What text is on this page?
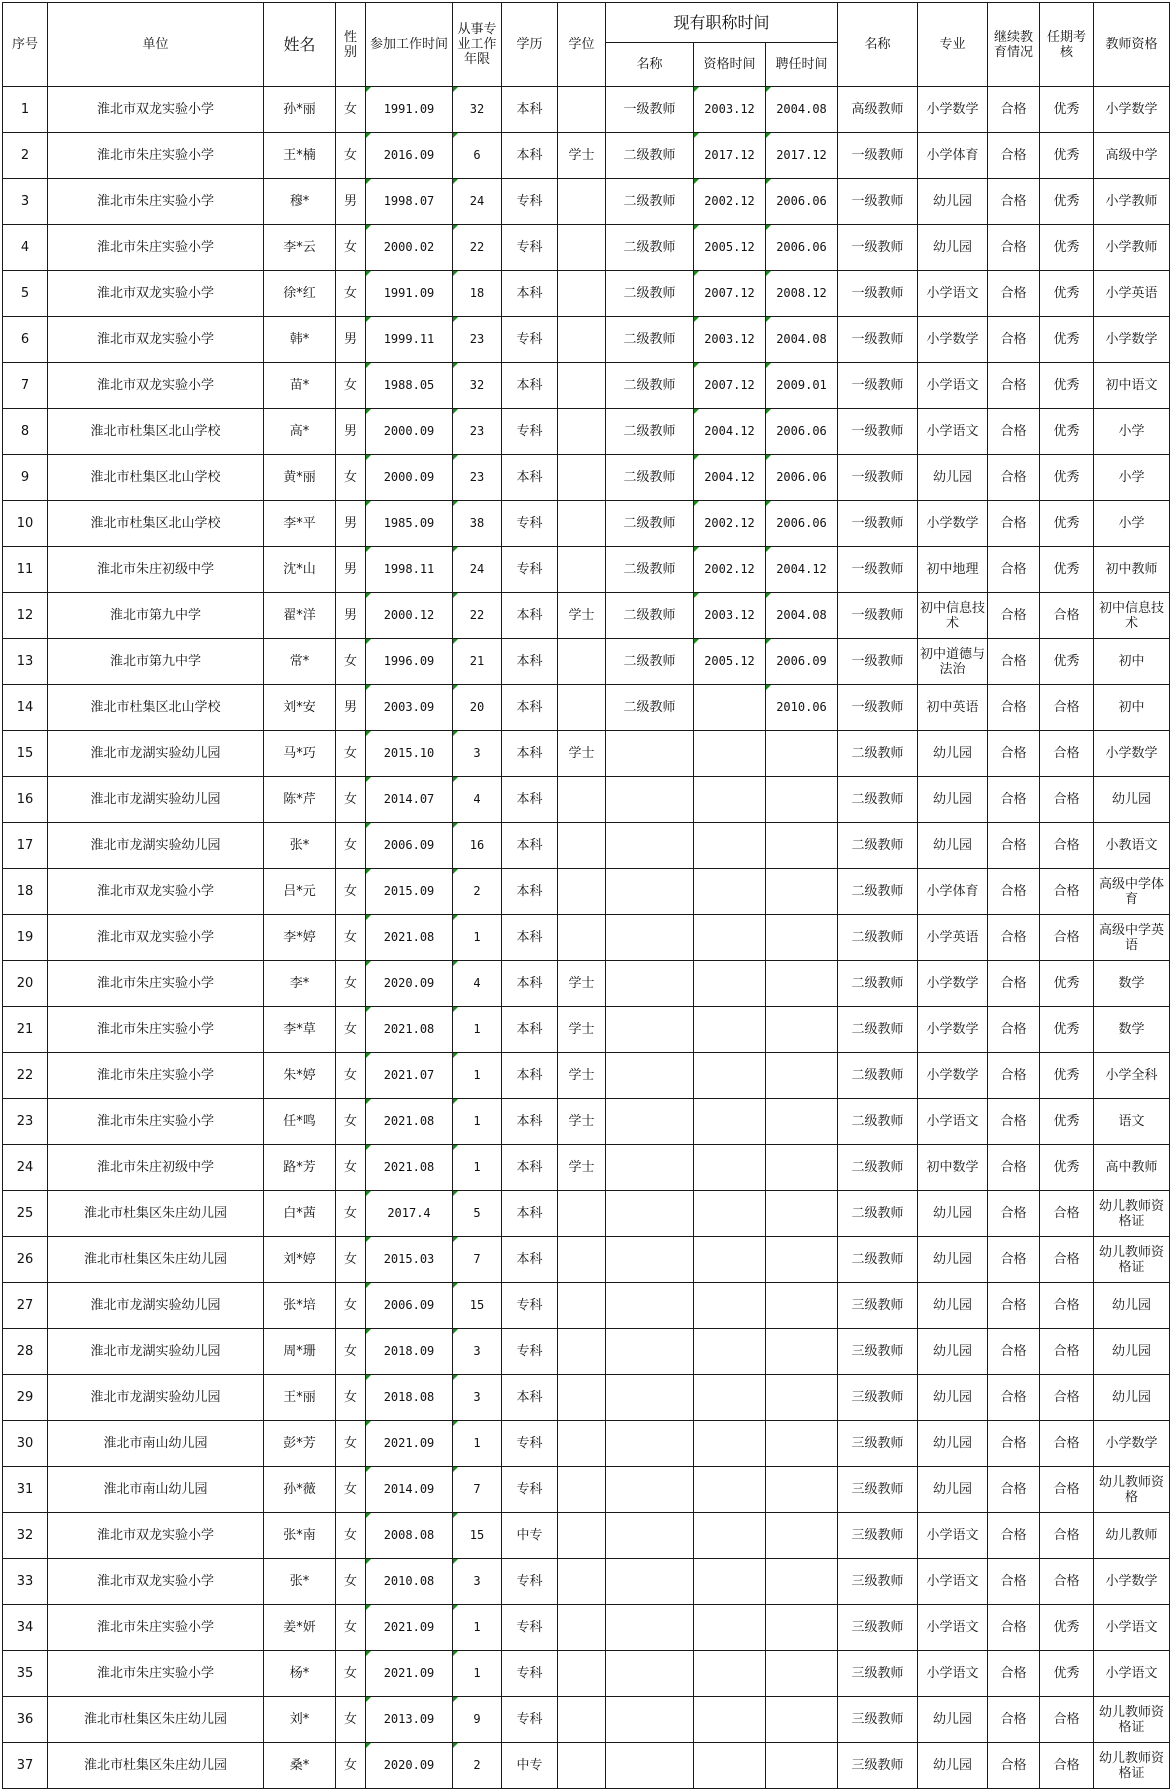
序号	单位	姓名	性别	参加工作时间	从事专业工作年限	学历	学位	现有职称时间			名称	专业	继续教育情况	任期考核	教师资格
								名称	资格时间	聘任时间					
1	淮北市双龙实验小学	孙*丽	女	1991.09	32	本科		一级教师	2003.12	2004.08	高级教师	小学数学	合格	优秀	小学数学
2	淮北市朱庄实验小学	王*楠	女	2016.09	6	本科	学士	二级教师	2017.12	2017.12	一级教师	小学体育	合格	优秀	高级中学
3	淮北市朱庄实验小学	穆*	男	1998.07	24	专科		二级教师	2002.12	2006.06	一级教师	幼儿园	合格	优秀	小学教师
4	淮北市朱庄实验小学	李*云	女	2000.02	22	专科		二级教师	2005.12	2006.06	一级教师	幼儿园	合格	优秀	小学教师
5	淮北市双龙实验小学	徐*红	女	1991.09	18	本科		二级教师	2007.12	2008.12	一级教师	小学语文	合格	优秀	小学英语
6	淮北市双龙实验小学	韩*	男	1999.11	23	专科		二级教师	2003.12	2004.08	一级教师	小学数学	合格	优秀	小学数学
7	淮北市双龙实验小学	苗*	女	1988.05	32	本科		二级教师	2007.12	2009.01	一级教师	小学语文	合格	优秀	初中语文
8	淮北市杜集区北山学校	高*	男	2000.09	23	专科		二级教师	2004.12	2006.06	一级教师	小学语文	合格	优秀	小学
9	淮北市杜集区北山学校	黄*丽	女	2000.09	23	本科		二级教师	2004.12	2006.06	一级教师	幼儿园	合格	优秀	小学
10	淮北市杜集区北山学校	李*平	男	1985.09	38	专科		二级教师	2002.12	2006.06	一级教师	小学数学	合格	优秀	小学
11	淮北市朱庄初级中学	沈*山	男	1998.11	24	专科		二级教师	2002.12	2004.12	一级教师	初中地理	合格	优秀	初中教师
12	淮北市第九中学	翟*洋	男	2000.12	22	本科	学士	二级教师	2003.12	2004.08	一级教师	初中信息技术	合格	合格	初中信息技术
13	淮北市第九中学	常*	女	1996.09	21	本科		二级教师	2005.12	2006.09	一级教师	初中道德与法治	合格	优秀	初中
14	淮北市杜集区北山学校	刘*安	男	2003.09	20	本科		二级教师		2010.06	一级教师	初中英语	合格	合格	初中
15	淮北市龙湖实验幼儿园	马*巧	女	2015.10	3	本科	学士				二级教师	幼儿园	合格	合格	小学数学
16	淮北市龙湖实验幼儿园	陈*芹	女	2014.07	4	本科					二级教师	幼儿园	合格	合格	幼儿园
17	淮北市龙湖实验幼儿园	张*	女	2006.09	16	本科					二级教师	幼儿园	合格	合格	小教语文
18	淮北市双龙实验小学	吕*元	女	2015.09	2	本科					二级教师	小学体育	合格	合格	高级中学体育
19	淮北市双龙实验小学	李*婷	女	2021.08	1	本科					二级教师	小学英语	合格	合格	高级中学英语
20	淮北市朱庄实验小学	李*	女	2020.09	4	本科	学士				二级教师	小学数学	合格	优秀	数学
21	淮北市朱庄实验小学	李*草	女	2021.08	1	本科	学士				二级教师	小学数学	合格	优秀	数学
22	淮北市朱庄实验小学	朱*婷	女	2021.07	1	本科	学士				二级教师	小学数学	合格	优秀	小学全科
23	淮北市朱庄实验小学	任*鸣	女	2021.08	1	本科	学士				二级教师	小学语文	合格	优秀	语文
24	淮北市朱庄初级中学	路*芳	女	2021.08	1	本科	学士				二级教师	初中数学	合格	优秀	高中教师
25	淮北市杜集区朱庄幼儿园	白*茜	女	2017.4	5	本科					二级教师	幼儿园	合格	合格	幼儿教师资格证
26	淮北市杜集区朱庄幼儿园	刘*婷	女	2015.03	7	本科					二级教师	幼儿园	合格	合格	幼儿教师资格证
27	淮北市龙湖实验幼儿园	张*培	女	2006.09	15	专科					三级教师	幼儿园	合格	合格	幼儿园
28	淮北市龙湖实验幼儿园	周*珊	女	2018.09	3	专科					三级教师	幼儿园	合格	合格	幼儿园
29	淮北市龙湖实验幼儿园	王*丽	女	2018.08	3	本科					三级教师	幼儿园	合格	合格	幼儿园
30	淮北市南山幼儿园	彭*芳	女	2021.09	1	专科					三级教师	幼儿园	合格	合格	小学数学
31	淮北市南山幼儿园	孙*薇	女	2014.09	7	专科					三级教师	幼儿园	合格	合格	幼儿教师资格
32	淮北市双龙实验小学	张*南	女	2008.08	15	中专					三级教师	小学语文	合格	合格	幼儿教师
33	淮北市双龙实验小学	张*	女	2010.08	3	专科					三级教师	小学语文	合格	合格	小学数学
34	淮北市朱庄实验小学	姜*妍	女	2021.09	1	专科					三级教师	小学语文	合格	优秀	小学语文
35	淮北市朱庄实验小学	杨*	女	2021.09	1	专科					三级教师	小学语文	合格	优秀	小学语文
36	淮北市杜集区朱庄幼儿园	刘*	女	2013.09	9	专科					三级教师	幼儿园	合格	合格	幼儿教师资格证
37	淮北市杜集区朱庄幼儿园	桑*	女	2020.09	2	中专					三级教师	幼儿园	合格	合格	幼儿教师资格证
